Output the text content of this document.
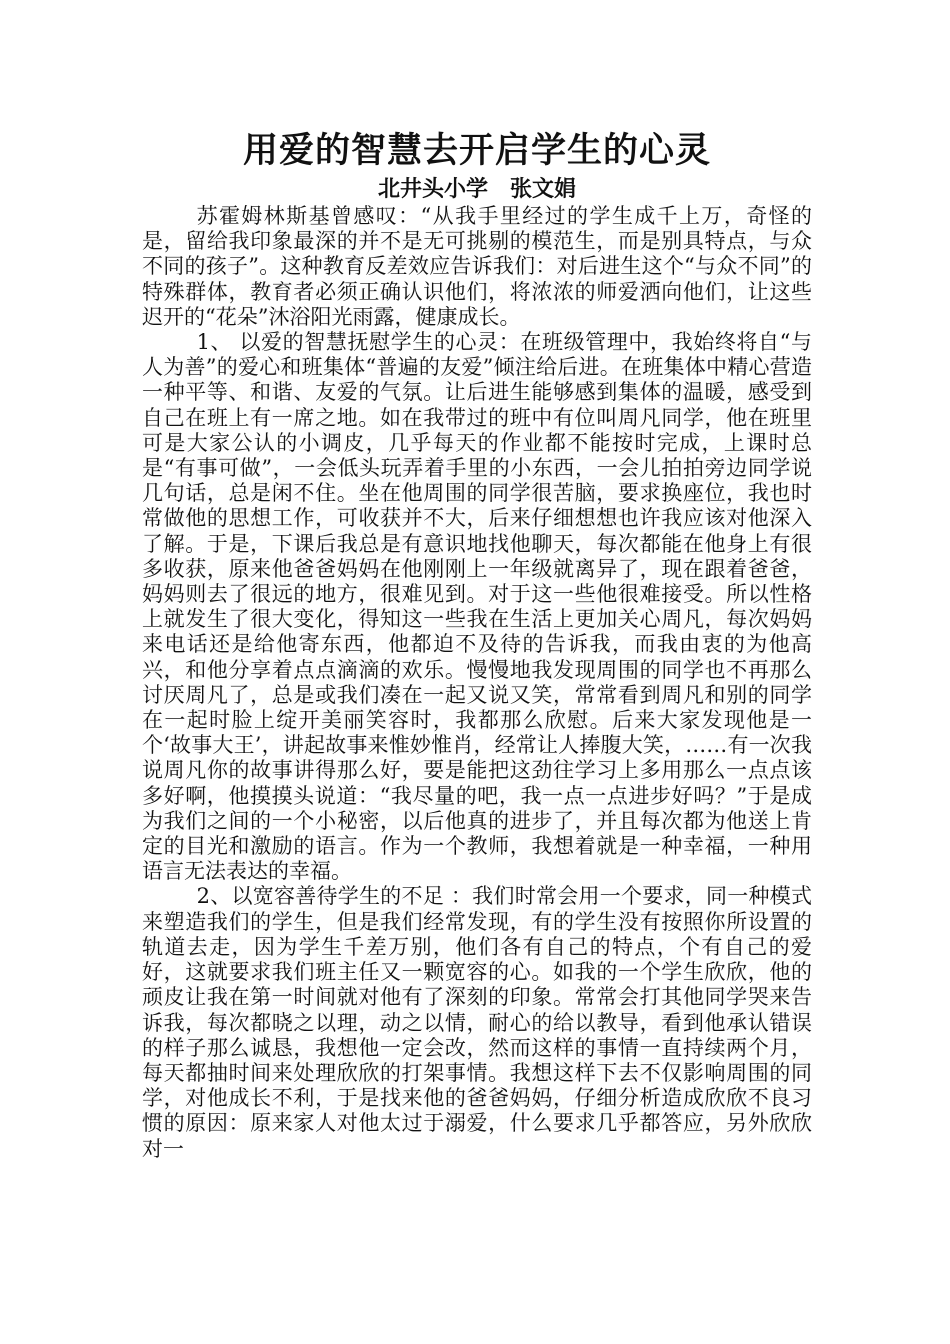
用爱的智慧去开启学生的心灵
北井头小学　张文娟

苏霍姆林斯基曾感叹：“从我手里经过的学生成千上万，奇怪的是，留给我印象最深的并不是无可挑剔的模范生，而是别具特点，与众不同的孩子”。这种教育反差效应告诉我们：对后进生这个“与众不同”的特殊群体，教育者必须正确认识他们，将浓浓的师爱洒向他们，让这些迟开的“花朵”沐浴阳光雨露，健康成长。

1、 以爱的智慧抚慰学生的心灵：在班级管理中，我始终将自“与人为善”的爱心和班集体“普遍的友爱”倾注给后进。在班集体中精心营造一种平等、和谐、友爱的气氛。让后进生能够感到集体的温暖，感受到自己在班上有一席之地。如在我带过的班中有位叫周凡同学，他在班里可是大家公认的小调皮，几乎每天的作业都不能按时完成，上课时总是“有事可做”，一会低头玩弄着手里的小东西，一会儿拍拍旁边同学说几句话，总是闲不住。坐在他周围的同学很苦脑，要求换座位，我也时常做他的思想工作，可收获并不大，后来仔细想想也许我应该对他深入了解。于是，下课后我总是有意识地找他聊天，每次都能在他身上有很多收获，原来他爸爸妈妈在他刚刚上一年级就离异了，现在跟着爸爸，妈妈则去了很远的地方，很难见到。对于这一些他很难接受。所以性格上就发生了很大变化，得知这一些我在生活上更加关心周凡，每次妈妈来电话还是给他寄东西，他都迫不及待的告诉我，而我由衷的为他高兴，和他分享着点点滴滴的欢乐。慢慢地我发现周围的同学也不再那么讨厌周凡了，总是或我们凑在一起又说又笑，常常看到周凡和别的同学在一起时脸上绽开美丽笑容时，我都那么欣慰。后来大家发现他是一个‘故事大王’，讲起故事来惟妙惟肖，经常让人捧腹大笑，……有一次我说周凡你的故事讲得那么好，要是能把这劲往学习上多用那么一点点该多好啊，他摸摸头说道：“我尽量的吧，我一点一点进步好吗？”于是成为我们之间的一个小秘密，以后他真的进步了，并且每次都为他送上肯定的目光和激励的语言。作为一个教师，我想着就是一种幸福，一种用语言无法表达的幸福。

2、以宽容善待学生的不足 ：我们时常会用一个要求，同一种模式来塑造我们的学生，但是我们经常发现，有的学生没有按照你所设置的轨道去走，因为学生千差万别，他们各有自己的特点，个有自己的爱好，这就要求我们班主任又一颗宽容的心。如我的一个学生欣欣，他的顽皮让我在第一时间就对他有了深刻的印象。常常会打其他同学哭来告诉我，每次都晓之以理，动之以情，耐心的给以教导，看到他承认错误的样子那么诚恳，我想他一定会改，然而这样的事情一直持续两个月，每天都抽时间来处理欣欣的打架事情。我想这样下去不仅影响周围的同学，对他成长不利，于是找来他的爸爸妈妈，仔细分析造成欣欣不良习惯的原因：原来家人对他太过于溺爱，什么要求几乎都答应，另外欣欣对一
